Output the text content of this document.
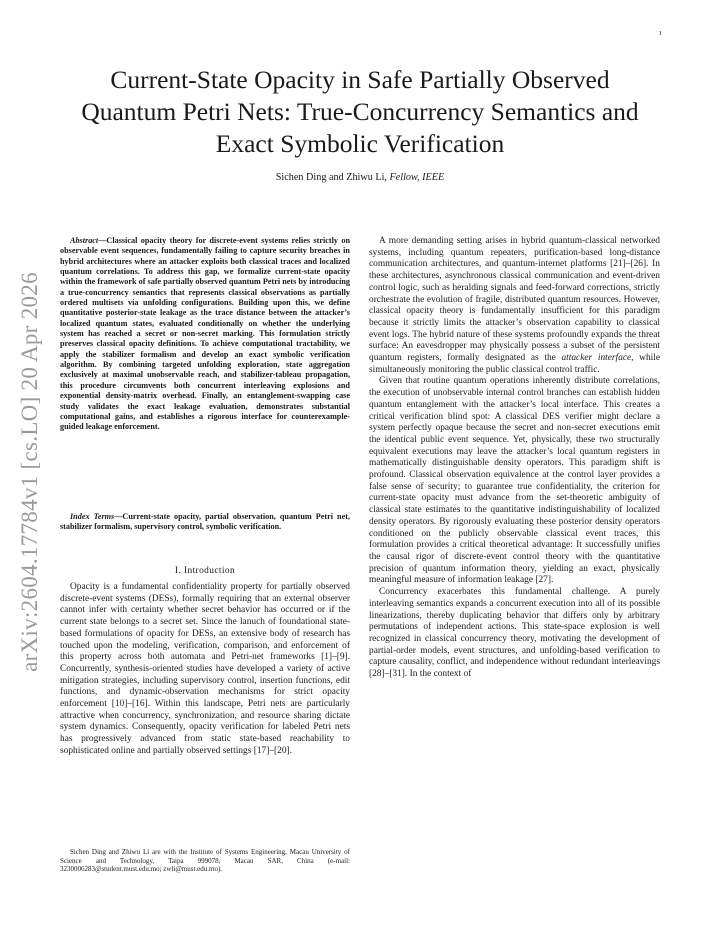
1
arXiv:2604.17784v1 [cs.LO] 20 Apr 2026
Current-State Opacity in Safe Partially Observed Quantum Petri Nets: True-Concurrency Semantics and Exact Symbolic Verification
Sichen Ding and Zhiwu Li, Fellow, IEEE

Abstract—Classical opacity theory for discrete-event systems relies strictly on observable event sequences, fundamentally failing to capture security breaches in hybrid architectures where an attacker exploits both classical traces and localized quantum correlations. To address this gap, we formalize current-state opacity within the framework of safe partially observed quantum Petri nets by introducing a true-concurrency semantics that represents classical observations as partially ordered multisets via unfolding configurations. Building upon this, we define quantitative posterior-state leakage as the trace distance between the attacker’s localized quantum states, evaluated conditionally on whether the underlying system has reached a secret or non-secret marking. This formulation strictly preserves classical opacity definitions. To achieve computational tractability, we apply the stabilizer formalism and develop an exact symbolic verification algorithm. By combining targeted unfolding exploration, state aggregation exclusively at maximal unobservable reach, and stabilizer-tableau propagation, this procedure circumvents both concurrent interleaving explosions and exponential density-matrix overhead. Finally, an entanglement-swapping case study validates the exact leakage evaluation, demonstrates substantial computational gains, and establishes a rigorous interface for counterexample-guided leakage enforcement.

Index Terms—Current-state opacity, partial observation, quantum Petri net, stabilizer formalism, supervisory control, symbolic verification.

I. Introduction

Opacity is a fundamental confidentiality property for partially observed discrete-event systems (DESs), formally requiring that an external observer cannot infer with certainty whether secret behavior has occurred or if the current state belongs to a secret set. Since the lanuch of foundational state-based formulations of opacity for DESs, an extensive body of research has touched upon the modeling, verification, comparison, and enforcement of this property across both automata and Petri-net frameworks [1]–[9]. Concurrently, synthesis-oriented studies have developed a variety of active mitigation strategies, including supervisory control, insertion functions, edit functions, and dynamic-observation mechanisms for strict opacity enforcement [10]–[16]. Within this landscape, Petri nets are particularly attractive when concurrency, synchronization, and resource sharing dictate system dynamics. Consequently, opacity verification for labeled Petri nets has progressively advanced from static state-based reachability to sophisticated online and partially observed settings [17]–[20].

Sichen Ding and Zhiwu Li are with the Institute of Systems Engineering, Macau University of Science and Technology, Taipa 999078, Macau SAR, China (e-mail: 3230006283@student.must.edu.mo; zwli@must.edu.mo).

A more demanding setting arises in hybrid quantum-classical networked systems, including quantum repeaters, purification-based long-distance communication architectures, and quantum-internet platforms [21]–[26]. In these architectures, asynchronous classical communication and event-driven control logic, such as heralding signals and feed-forward corrections, strictly orchestrate the evolution of fragile, distributed quantum resources. However, classical opacity theory is fundamentally insufficient for this paradigm because it strictly limits the attacker’s observation capability to classical event logs. The hybrid nature of these systems profoundly expands the threat surface: An eavesdropper may physically possess a subset of the persistent quantum registers, formally designated as the attacker interface, while simultaneously monitoring the public classical control traffic.

Given that routine quantum operations inherently distribute correlations, the execution of unobservable internal control branches can establish hidden quantum entanglement with the attacker’s local interface. This creates a critical verification blind spot: A classical DES verifier might declare a system perfectly opaque because the secret and non-secret executions emit the identical public event sequence. Yet, physically, these two structurally equivalent executions may leave the attacker’s local quantum registers in mathematically distinguishable density operators. This paradigm shift is profound. Classical observation equivalence at the control layer provides a false sense of security; to guarantee true confidentiality, the criterion for current-state opacity must advance from the set-theoretic ambiguity of classical state estimates to the quantitative indistinguishability of localized density operators. By rigorously evaluating these posterior density operators conditioned on the publicly observable classical event traces, this formulation provides a critical theoretical advantage: It successfully unifies the causal rigor of discrete-event control theory with the quantitative precision of quantum information theory, yielding an exact, physically meaningful measure of information leakage [27].

Concurrency exacerbates this fundamental challenge. A purely interleaving semantics expands a concurrent execution into all of its possible linearizations, thereby duplicating behavior that differs only by arbitrary permutations of independent actions. This state-space explosion is well recognized in classical concurrency theory, motivating the development of partial-order models, event structures, and unfolding-based verification to capture causality, conflict, and independence without redundant interleavings [28]–[31]. In the context of
